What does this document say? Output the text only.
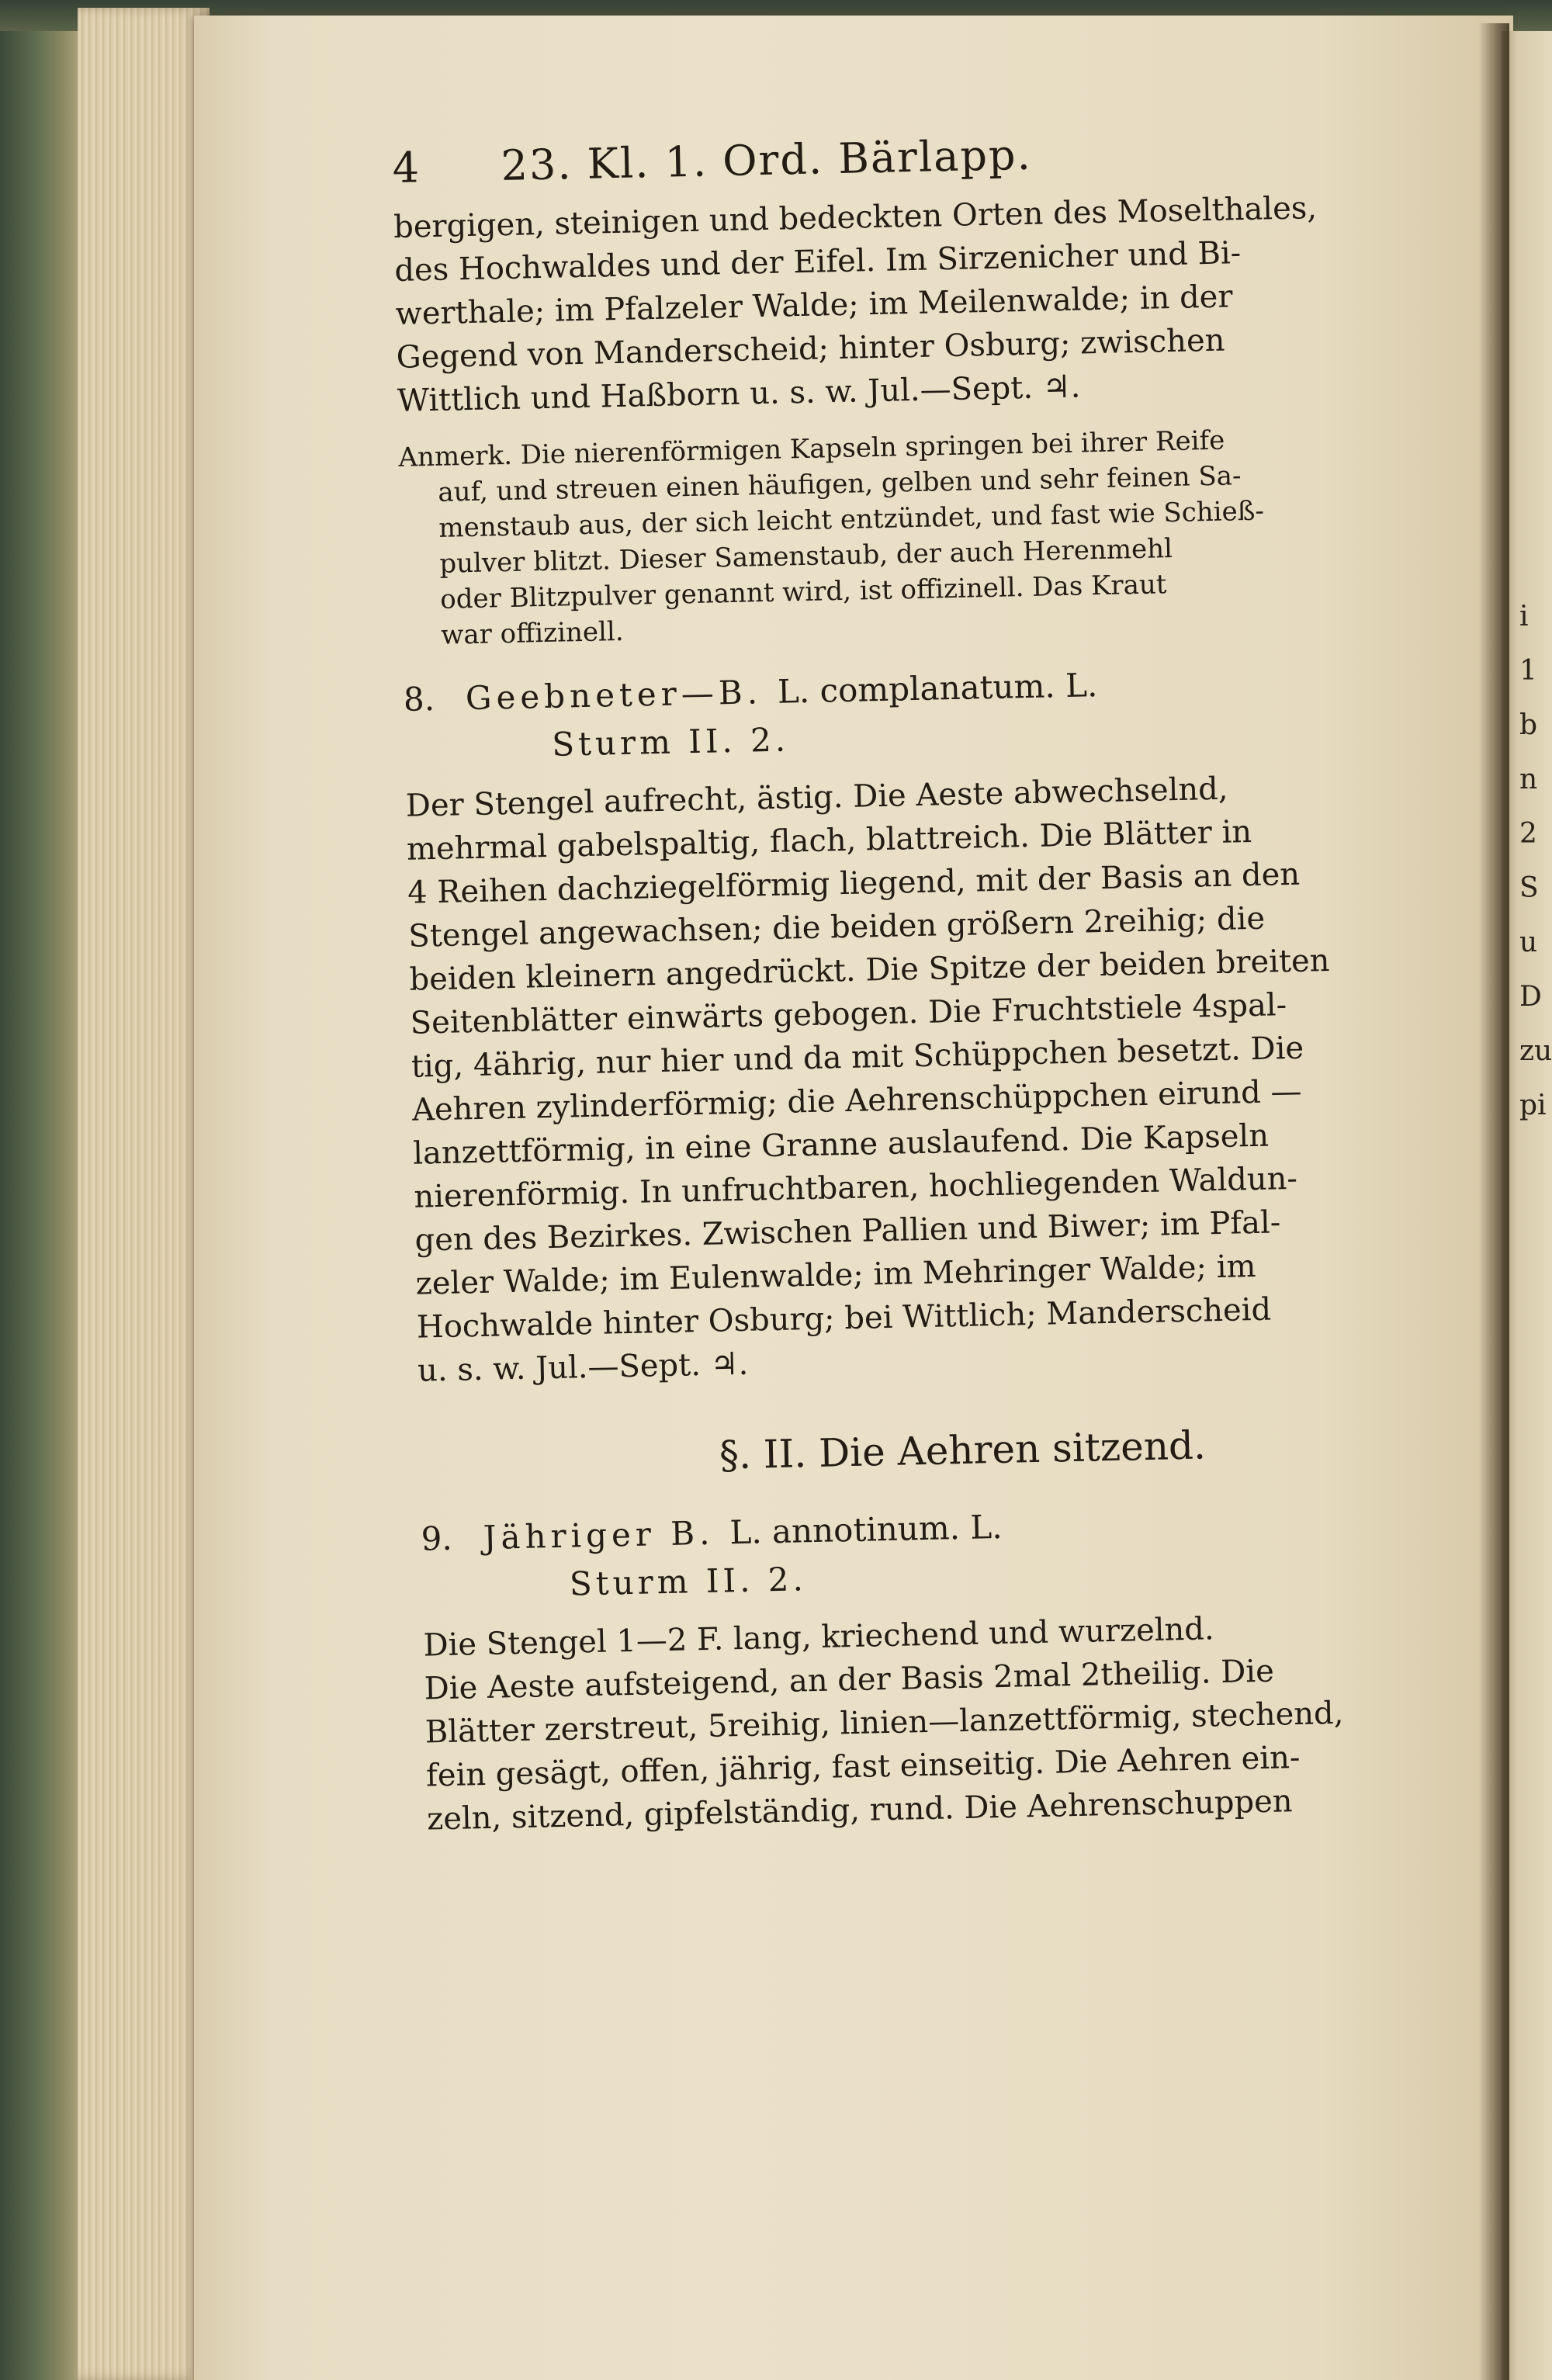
4	23. Kl. 1. Ord. Bärlapp.
bergigen, steinigen und bedeckten Orten des Moselthales,
des Hochwaldes und der Eifel. Im Sirzenicher und Bi-
werthale; im Pfalzeler Walde; im Meilenwalde; in der
Gegend von Manderscheid; hinter Osburg; zwischen
Wittlich und Haßborn u. s. w. Jul.—Sept. ♃.
Anmerk. Die nierenförmigen Kapseln springen bei ihrer Reife
auf, und streuen einen häufigen, gelben und sehr feinen Sa-
menstaub aus, der sich leicht entzündet, und fast wie Schieß-
pulver blitzt. Dieser Samenstaub, der auch Herenmehl
oder Blitzpulver genannt wird, ist offizinell. Das Kraut
war offizinell.
8. Geebneter—B. L. complanatum. L.
Sturm II. 2.
Der Stengel aufrecht, ästig. Die Aeste abwechselnd,
mehrmal gabelspaltig, flach, blattreich. Die Blätter in
4 Reihen dachziegelförmig liegend, mit der Basis an den
Stengel angewachsen; die beiden größern 2reihig; die
beiden kleinern angedrückt. Die Spitze der beiden breiten
Seitenblätter einwärts gebogen. Die Fruchtstiele 4spal-
tig, 4ährig, nur hier und da mit Schüppchen besetzt. Die
Aehren zylinderförmig; die Aehrenschüppchen eirund —
lanzettförmig, in eine Granne auslaufend. Die Kapseln
nierenförmig. In unfruchtbaren, hochliegenden Waldun-
gen des Bezirkes. Zwischen Pallien und Biwer; im Pfal-
zeler Walde; im Eulenwalde; im Mehringer Walde; im
Hochwalde hinter Osburg; bei Wittlich; Manderscheid
u. s. w. Jul.—Sept. ♃.
§. II. Die Aehren sitzend.
9. Jähriger B. L. annotinum. L.
Sturm II. 2.
Die Stengel 1—2 F. lang, kriechend und wurzelnd.
Die Aeste aufsteigend, an der Basis 2mal 2theilig. Die
Blätter zerstreut, 5reihig, linien—lanzettförmig, stechend,
fein gesägt, offen, jährig, fast einseitig. Die Aehren ein-
zeln, sitzend, gipfelständig, rund. Die Aehrenschuppen
i
1
b
n
2
S
u
D
zu
pi
